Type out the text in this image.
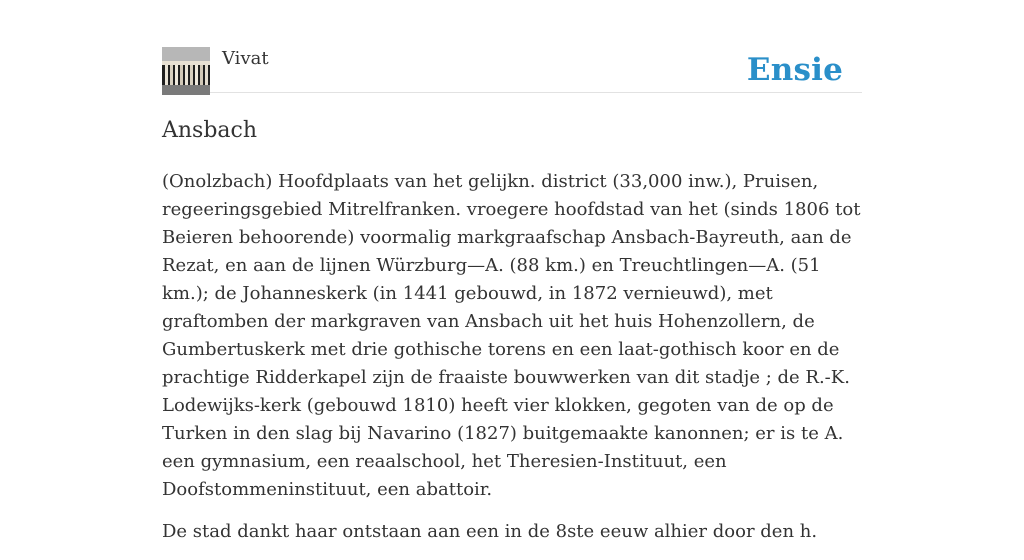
Vivat	Ensie
Ansbach

(Onolzbach) Hoofdplaats van het gelijkn. district (33,000 inw.), Pruisen, regeeringsgebied Mitrelfranken. vroegere hoofdstad van het (sinds 1806 tot Beieren behoorende) voormalig markgraafschap Ansbach-Bayreuth, aan de Rezat, en aan de lijnen Würzburg—A. (88 km.) en Treuchtlingen—A. (51 km.); de Johanneskerk (in 1441 gebouwd, in 1872 vernieuwd), met graftomben der markgraven van Ansbach uit het huis Hohenzollern, de Gumbertuskerk met drie gothische torens en een laat-gothisch koor en de prachtige Ridderkapel zijn de fraaiste bouwwerken van dit stadje ; de R.-K. Lodewijks-kerk (gebouwd 1810) heeft vier klokken, gegoten van de op de Turken in den slag bij Navarino (1827) buitgemaakte kanonnen; er is te A. een gymnasium, een reaalschool, het Theresien-Instituut, een Doofstommeninstituut, een abattoir.

De stad dankt haar ontstaan aan een in de 8ste eeuw alhier door den h.
